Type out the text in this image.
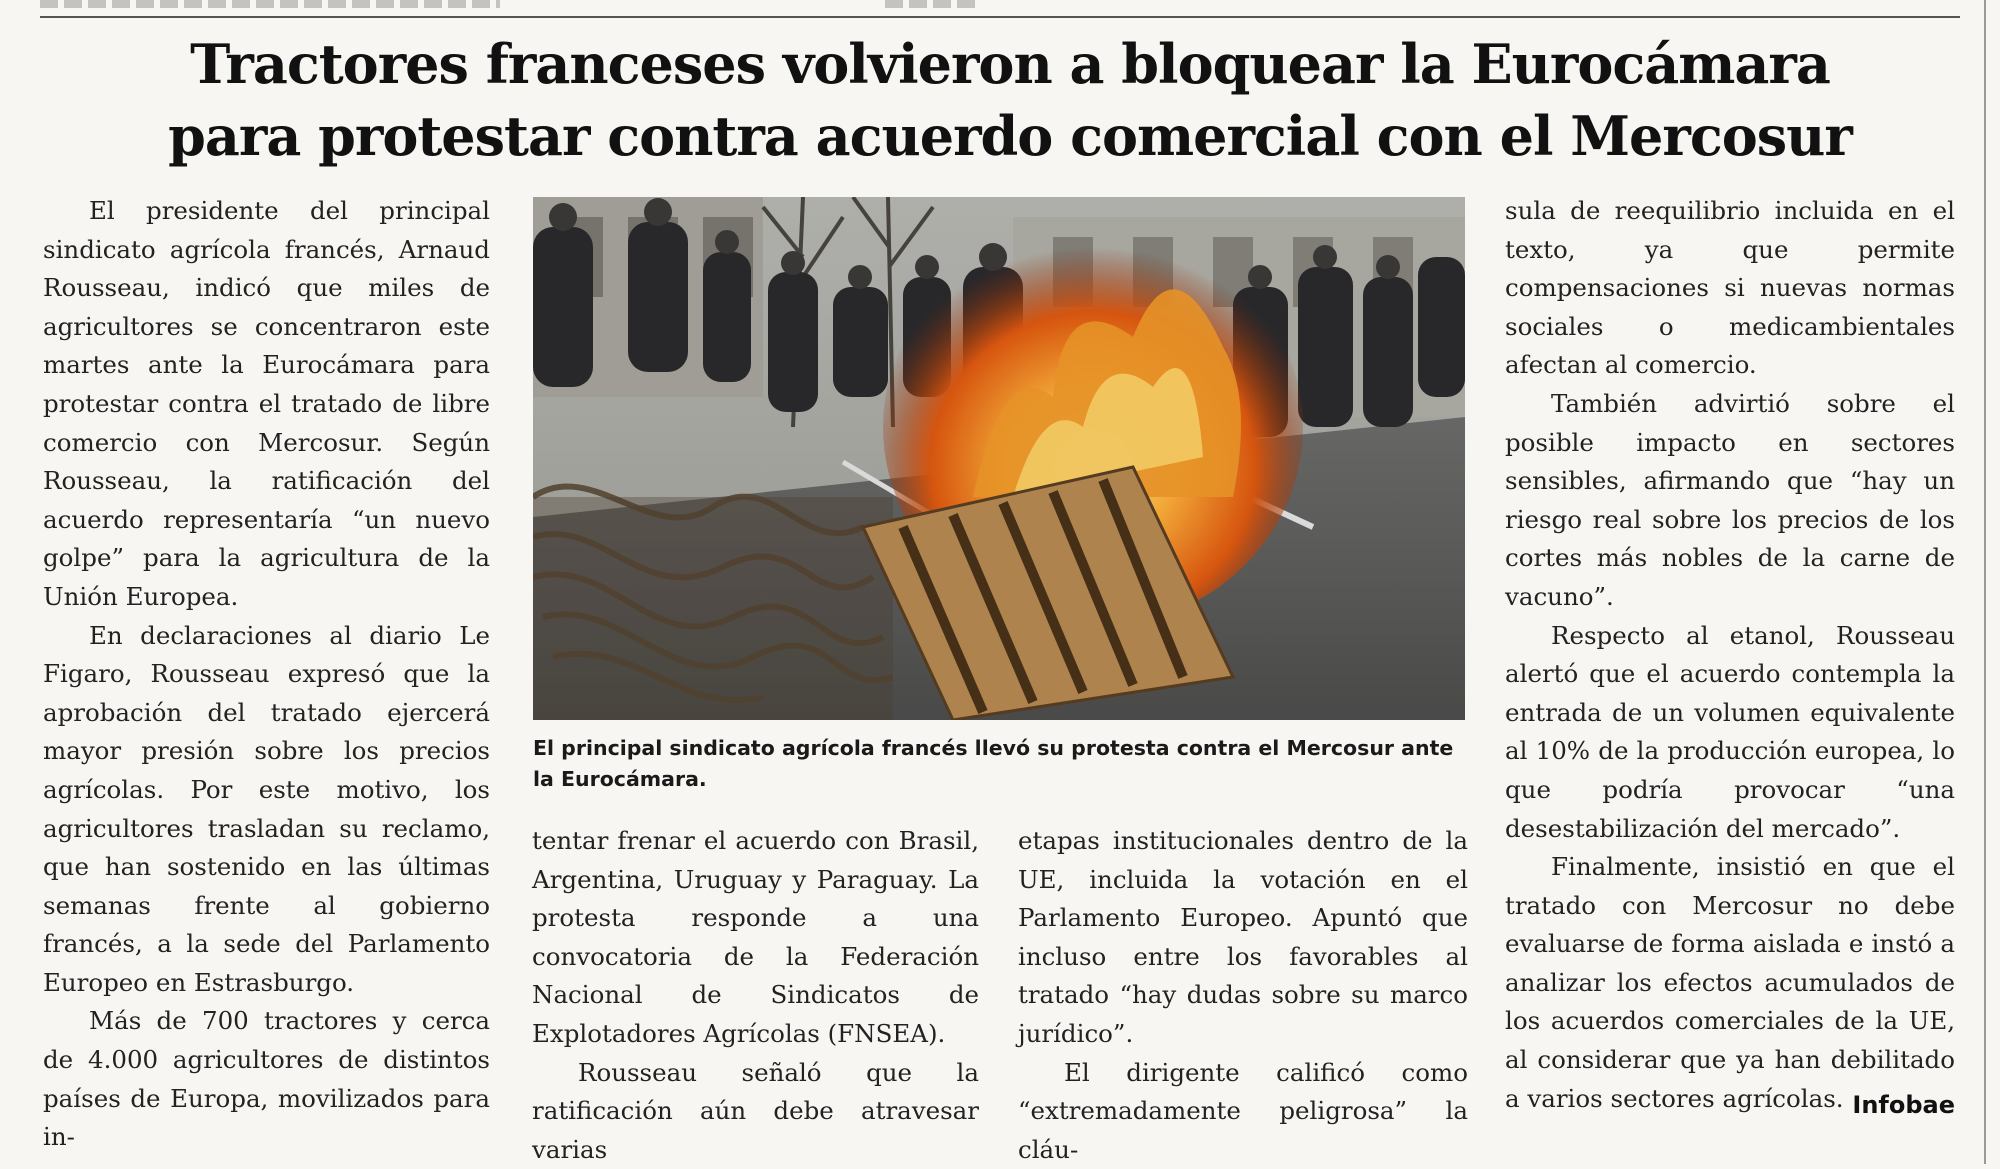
Tractores franceses volvieron a bloquear la Eurocámara
para protestar contra acuerdo comercial con el Mercosur

El presidente del principal sindicato agrícola francés, Arnaud Rousseau, indicó que miles de agricultores se concentraron este martes ante la Eurocámara para protestar contra el tratado de libre comercio con Mercosur. Según Rousseau, la ratificación del acuerdo representaría “un nuevo golpe” para la agricultura de la Unión Europea.

En declaraciones al diario Le Figaro, Rousseau expresó que la aprobación del tratado ejercerá mayor presión sobre los precios agrícolas. Por este motivo, los agricultores trasladan su reclamo, que han sostenido en las últimas semanas frente al gobierno francés, a la sede del Parlamento Europeo en Estrasburgo.

Más de 700 tractores y cerca de 4.000 agricultores de distintos países de Europa, movilizados para in-

El principal sindicato agrícola francés llevó su protesta contra el Mercosur ante la Eurocámara.

tentar frenar el acuerdo con Brasil, Argentina, Uruguay y Paraguay. La protesta responde a una convocatoria de la Federación Nacional de Sindicatos de Explotadores Agrícolas (FNSEA).

Rousseau señaló que la ratificación aún debe atravesar varias

etapas institucionales dentro de la UE, incluida la votación en el Parlamento Europeo. Apuntó que incluso entre los favorables al tratado “hay dudas sobre su marco jurídico”.

El dirigente calificó como “extremadamente peligrosa” la cláu-

sula de reequilibrio incluida en el texto, ya que permite compensaciones si nuevas normas sociales o medicambientales afectan al comercio.

También advirtió sobre el posible impacto en sectores sensibles, afirmando que “hay un riesgo real sobre los precios de los cortes más nobles de la carne de vacuno”.

Respecto al etanol, Rousseau alertó que el acuerdo contempla la entrada de un volumen equivalente al 10% de la producción europea, lo que podría provocar “una desestabilización del mercado”.

Finalmente, insistió en que el tratado con Mercosur no debe evaluarse de forma aislada e instó a analizar los efectos acumulados de los acuerdos comerciales de la UE, al considerar que ya han debilitado a varios sectores agrícolas. Infobae
